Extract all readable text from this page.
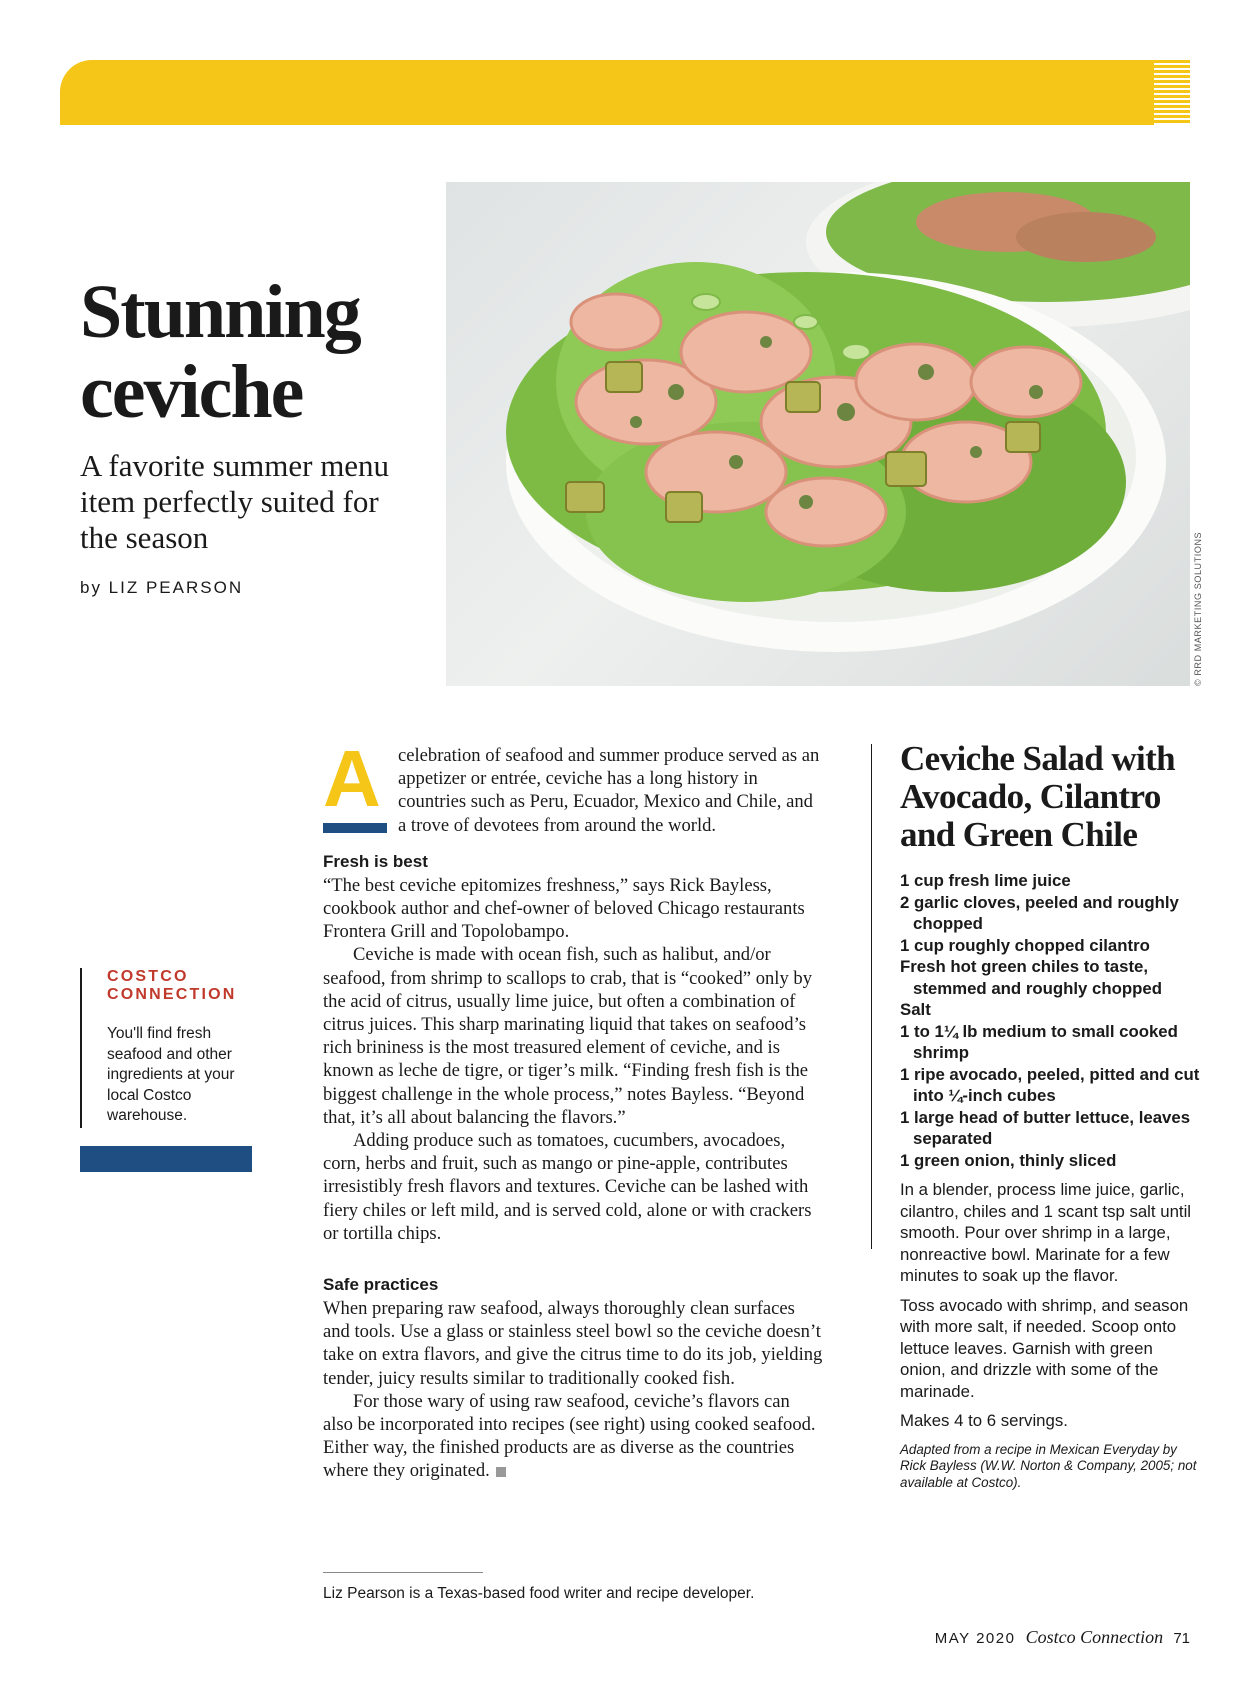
FOR YOUR TABLE
Stunning
ceviche
A favorite summer menu item perfectly suited for the season
by LIZ PEARSON	© RRD MARKETING SOLUTIONS
COSTCO CONNECTION
You'll find fresh seafood and other ingredients at your local Costco warehouse.
A celebration of seafood and summer produce served as an appetizer or entrée, ceviche has a long history in countries such as Peru, Ecuador, Mexico and Chile, and a trove of devotees from around the world.

Fresh is best

“The best ceviche epitomizes freshness,” says Rick Bayless, cookbook author and chef-owner of beloved Chicago restaurants Frontera Grill and Topolobampo.

Ceviche is made with ocean fish, such as halibut, and/or seafood, from shrimp to scallops to crab, that is “cooked” only by the acid of citrus, usually lime juice, but often a combination of citrus juices. This sharp marinating liquid that takes on seafood’s rich brininess is the most treasured element of ceviche, and is known as leche de tigre, or tiger’s milk. “Finding fresh fish is the biggest challenge in the whole process,” notes Bayless. “Beyond that, it’s all about balancing the flavors.”

Adding produce such as tomatoes, cucumbers, avocadoes, corn, herbs and fruit, such as mango or pine-apple, contributes irresistibly fresh flavors and textures. Ceviche can be lashed with fiery chiles or left mild, and is served cold, alone or with crackers or tortilla chips.

Safe practices

When preparing raw seafood, always thoroughly clean surfaces and tools. Use a glass or stainless steel bowl so the ceviche doesn’t take on extra flavors, and give the citrus time to do its job, yielding tender, juicy results similar to traditionally cooked fish.

For those wary of using raw seafood, ceviche’s flavors can also be incorporated into recipes (see right) using cooked seafood. Either way, the finished products are as diverse as the countries where they originated.

Liz Pearson is a Texas-based food writer and recipe developer.
Ceviche Salad with Avocado, Cilantro and Green Chile
1 cup fresh lime juice
2 garlic cloves, peeled and roughly chopped
1 cup roughly chopped cilantro
Fresh hot green chiles to taste, stemmed and roughly chopped
Salt
1 to 1¼ lb medium to small cooked shrimp
1 ripe avocado, peeled, pitted and cut into ¼-inch cubes
1 large head of butter lettuce, leaves separated
1 green onion, thinly sliced
In a blender, process lime juice, garlic, cilantro, chiles and 1 scant tsp salt until smooth. Pour over shrimp in a large, nonreactive bowl. Marinate for a few minutes to soak up the flavor.
Toss avocado with shrimp, and season with more salt, if needed. Scoop onto lettuce leaves. Garnish with green onion, and drizzle with some of the marinade.
Makes 4 to 6 servings.
Adapted from a recipe in Mexican Everyday by Rick Bayless (W.W. Norton & Company, 2005; not available at Costco).
MAY 2020 Costco Connection 71
